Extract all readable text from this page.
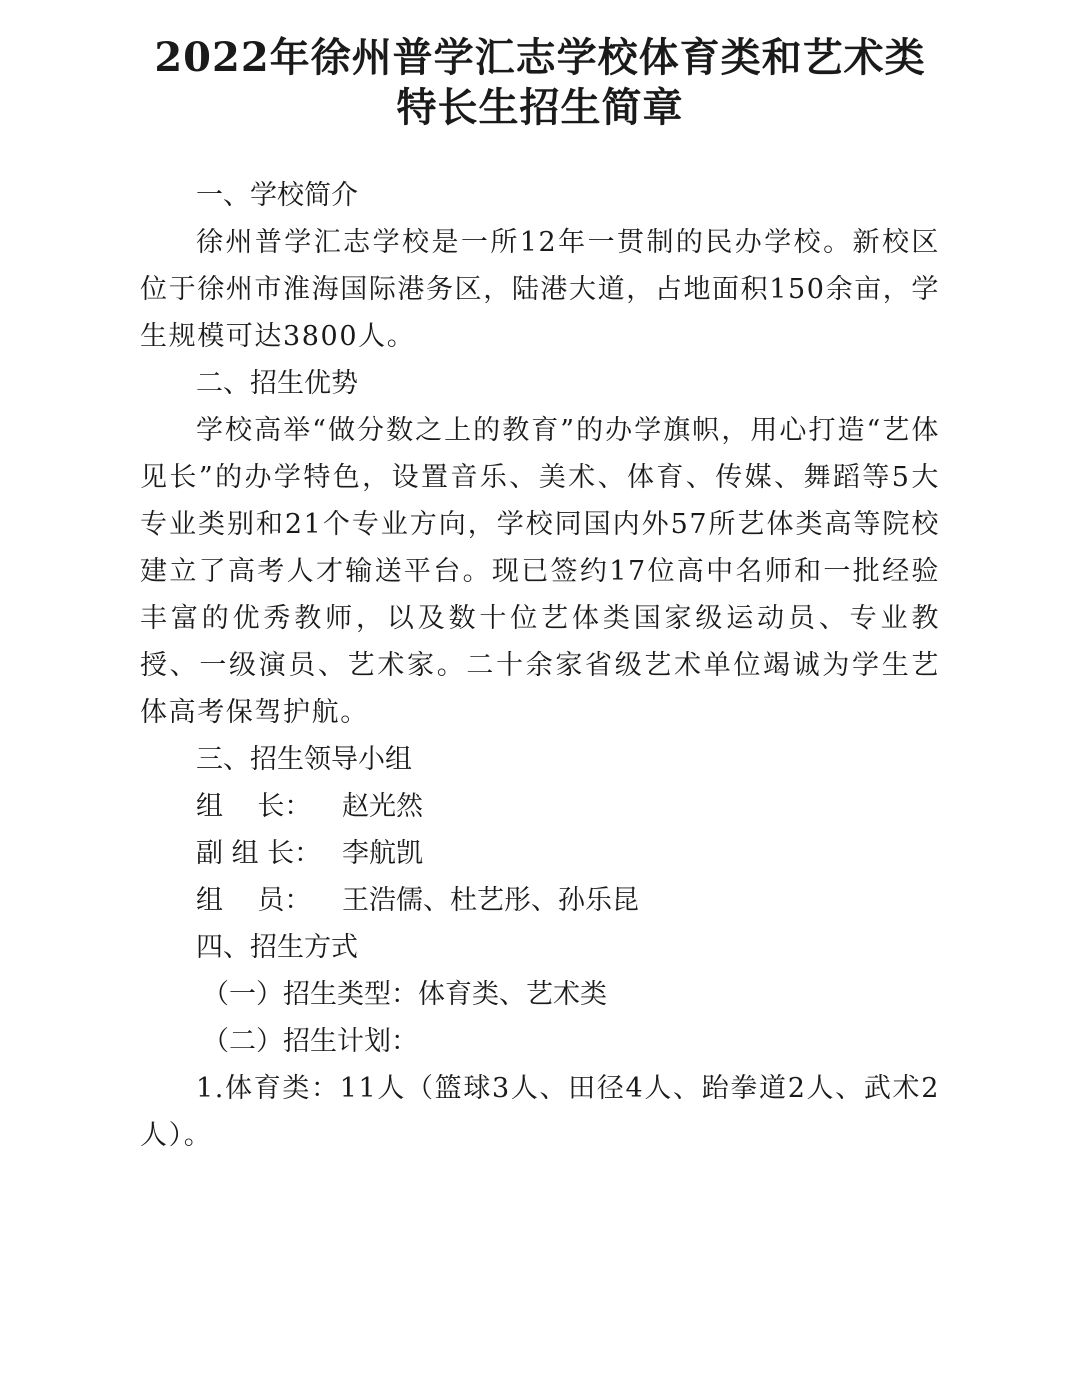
2022年徐州普学汇志学校体育类和艺术类
特长生招生简章
一、学校简介
徐州普学汇志学校是一所12年一贯制的民办学校。新校区位于徐州市淮海国际港务区，陆港大道，占地面积150余亩，学生规模可达3800人。
二、招生优势
学校高举“做分数之上的教育”的办学旗帜，用心打造“艺体见长”的办学特色，设置音乐、美术、体育、传媒、舞蹈等5大专业类别和21个专业方向，学校同国内外57所艺体类高等院校建立了高考人才输送平台。现已签约17位高中名师和一批经验丰富的优秀教师，以及数十位艺体类国家级运动员、专业教授、一级演员、艺术家。二十余家省级艺术单位竭诚为学生艺体高考保驾护航。
三、招生领导小组
组    长： 赵光然
副 组 长： 李航凯
组    员： 王浩儒、杜艺彤、孙乐昆
四、招生方式
（一）招生类型：体育类、艺术类
（二）招生计划：
1.体育类：11人（篮球3人、田径4人、跆拳道2人、武术2人）。
